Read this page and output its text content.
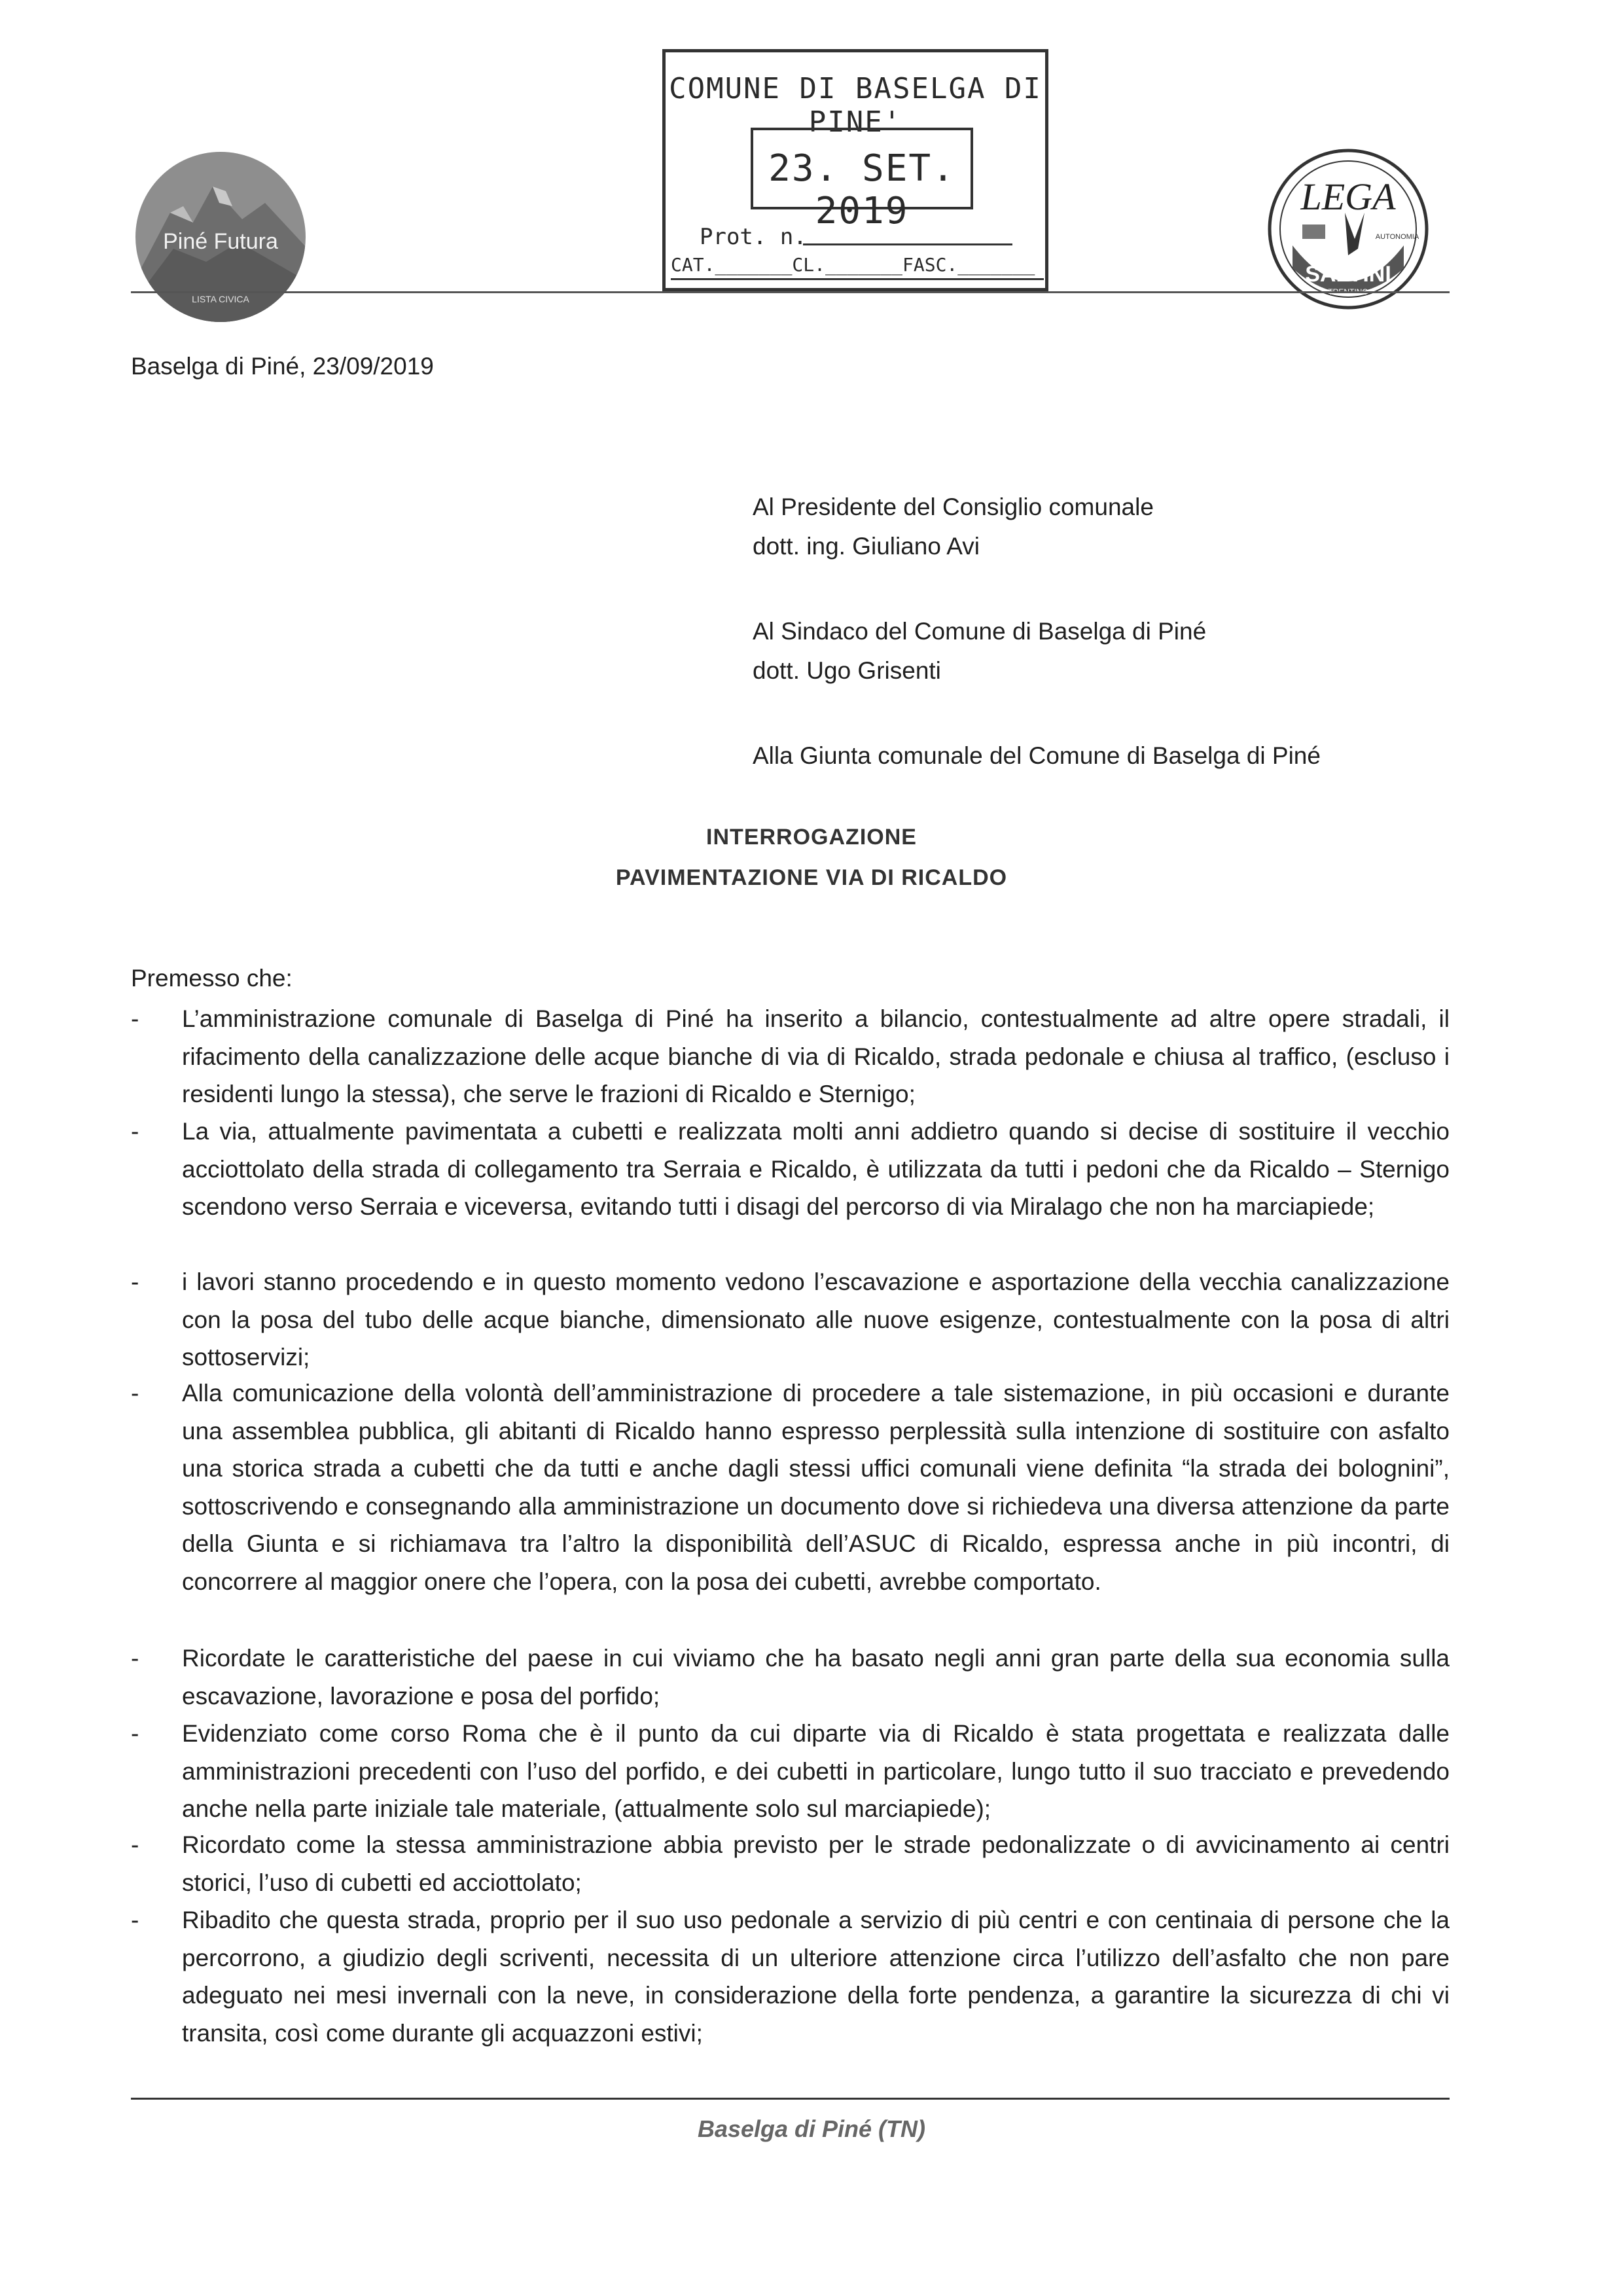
Piné Futura
LISTA CIVICA
COMUNE DI BASELGA DI PINE'
23. SET. 2019
Prot. n.
CAT._______CL._______FASC._______
LEGA
AUTONOMIA
SALVINI
TRENTINO
Baselga di Piné, 23/09/2019
Al Presidente del Consiglio comunale
dott. ing. Giuliano Avi
Al Sindaco del Comune di Baselga di Piné
dott. Ugo Grisenti
Alla Giunta comunale del Comune di Baselga di Piné
INTERROGAZIONE
PAVIMENTAZIONE VIA DI RICALDO
Premesso che:
- L’amministrazione comunale di Baselga di Piné ha inserito a bilancio, contestualmente ad altre opere stradali, il rifacimento della canalizzazione delle acque bianche di via di Ricaldo, strada pedonale e chiusa al traffico, (escluso i residenti lungo la stessa), che serve le frazioni di Ricaldo e Sternigo;
- La via, attualmente pavimentata a cubetti e realizzata molti anni addietro quando si decise di sostituire il vecchio acciottolato della strada di collegamento tra Serraia e Ricaldo, è utilizzata da tutti i pedoni che da Ricaldo – Sternigo scendono verso Serraia e viceversa, evitando tutti i disagi del percorso di via Miralago che non ha marciapiede;
- i lavori stanno procedendo e in questo momento vedono l’escavazione e asportazione della vecchia canalizzazione con la posa del tubo delle acque bianche, dimensionato alle nuove esigenze, contestualmente con la posa di altri sottoservizi;
- Alla comunicazione della volontà dell’amministrazione di procedere a tale sistemazione, in più occasioni e durante una assemblea pubblica, gli abitanti di Ricaldo hanno espresso perplessità sulla intenzione di sostituire con asfalto una storica strada a cubetti che da tutti e anche dagli stessi uffici comunali viene definita “la strada dei bolognini”, sottoscrivendo e consegnando alla amministrazione un documento dove si richiedeva una diversa attenzione da parte della Giunta e si richiamava tra l’altro la disponibilità dell’ASUC di Ricaldo, espressa anche in più incontri, di concorrere al maggior onere che l’opera, con la posa dei cubetti, avrebbe comportato.
- Ricordate le caratteristiche del paese in cui viviamo che ha basato negli anni gran parte della sua economia sulla escavazione, lavorazione e posa del porfido;
- Evidenziato come corso Roma che è il punto da cui diparte via di Ricaldo è stata progettata e realizzata dalle amministrazioni precedenti con l’uso del porfido, e dei cubetti in particolare, lungo tutto il suo tracciato e prevedendo anche nella parte iniziale tale materiale, (attualmente solo sul marciapiede);
- Ricordato come la stessa amministrazione abbia previsto per le strade pedonalizzate o di avvicinamento ai centri storici, l’uso di cubetti ed acciottolato;
- Ribadito che questa strada, proprio per il suo uso pedonale a servizio di più centri e con centinaia di persone che la percorrono, a giudizio degli scriventi, necessita di un ulteriore attenzione circa l’utilizzo dell’asfalto che non pare adeguato nei mesi invernali con la neve, in considerazione della forte pendenza, a garantire la sicurezza di chi vi transita, così come durante gli acquazzoni estivi;
Baselga di Piné (TN)
